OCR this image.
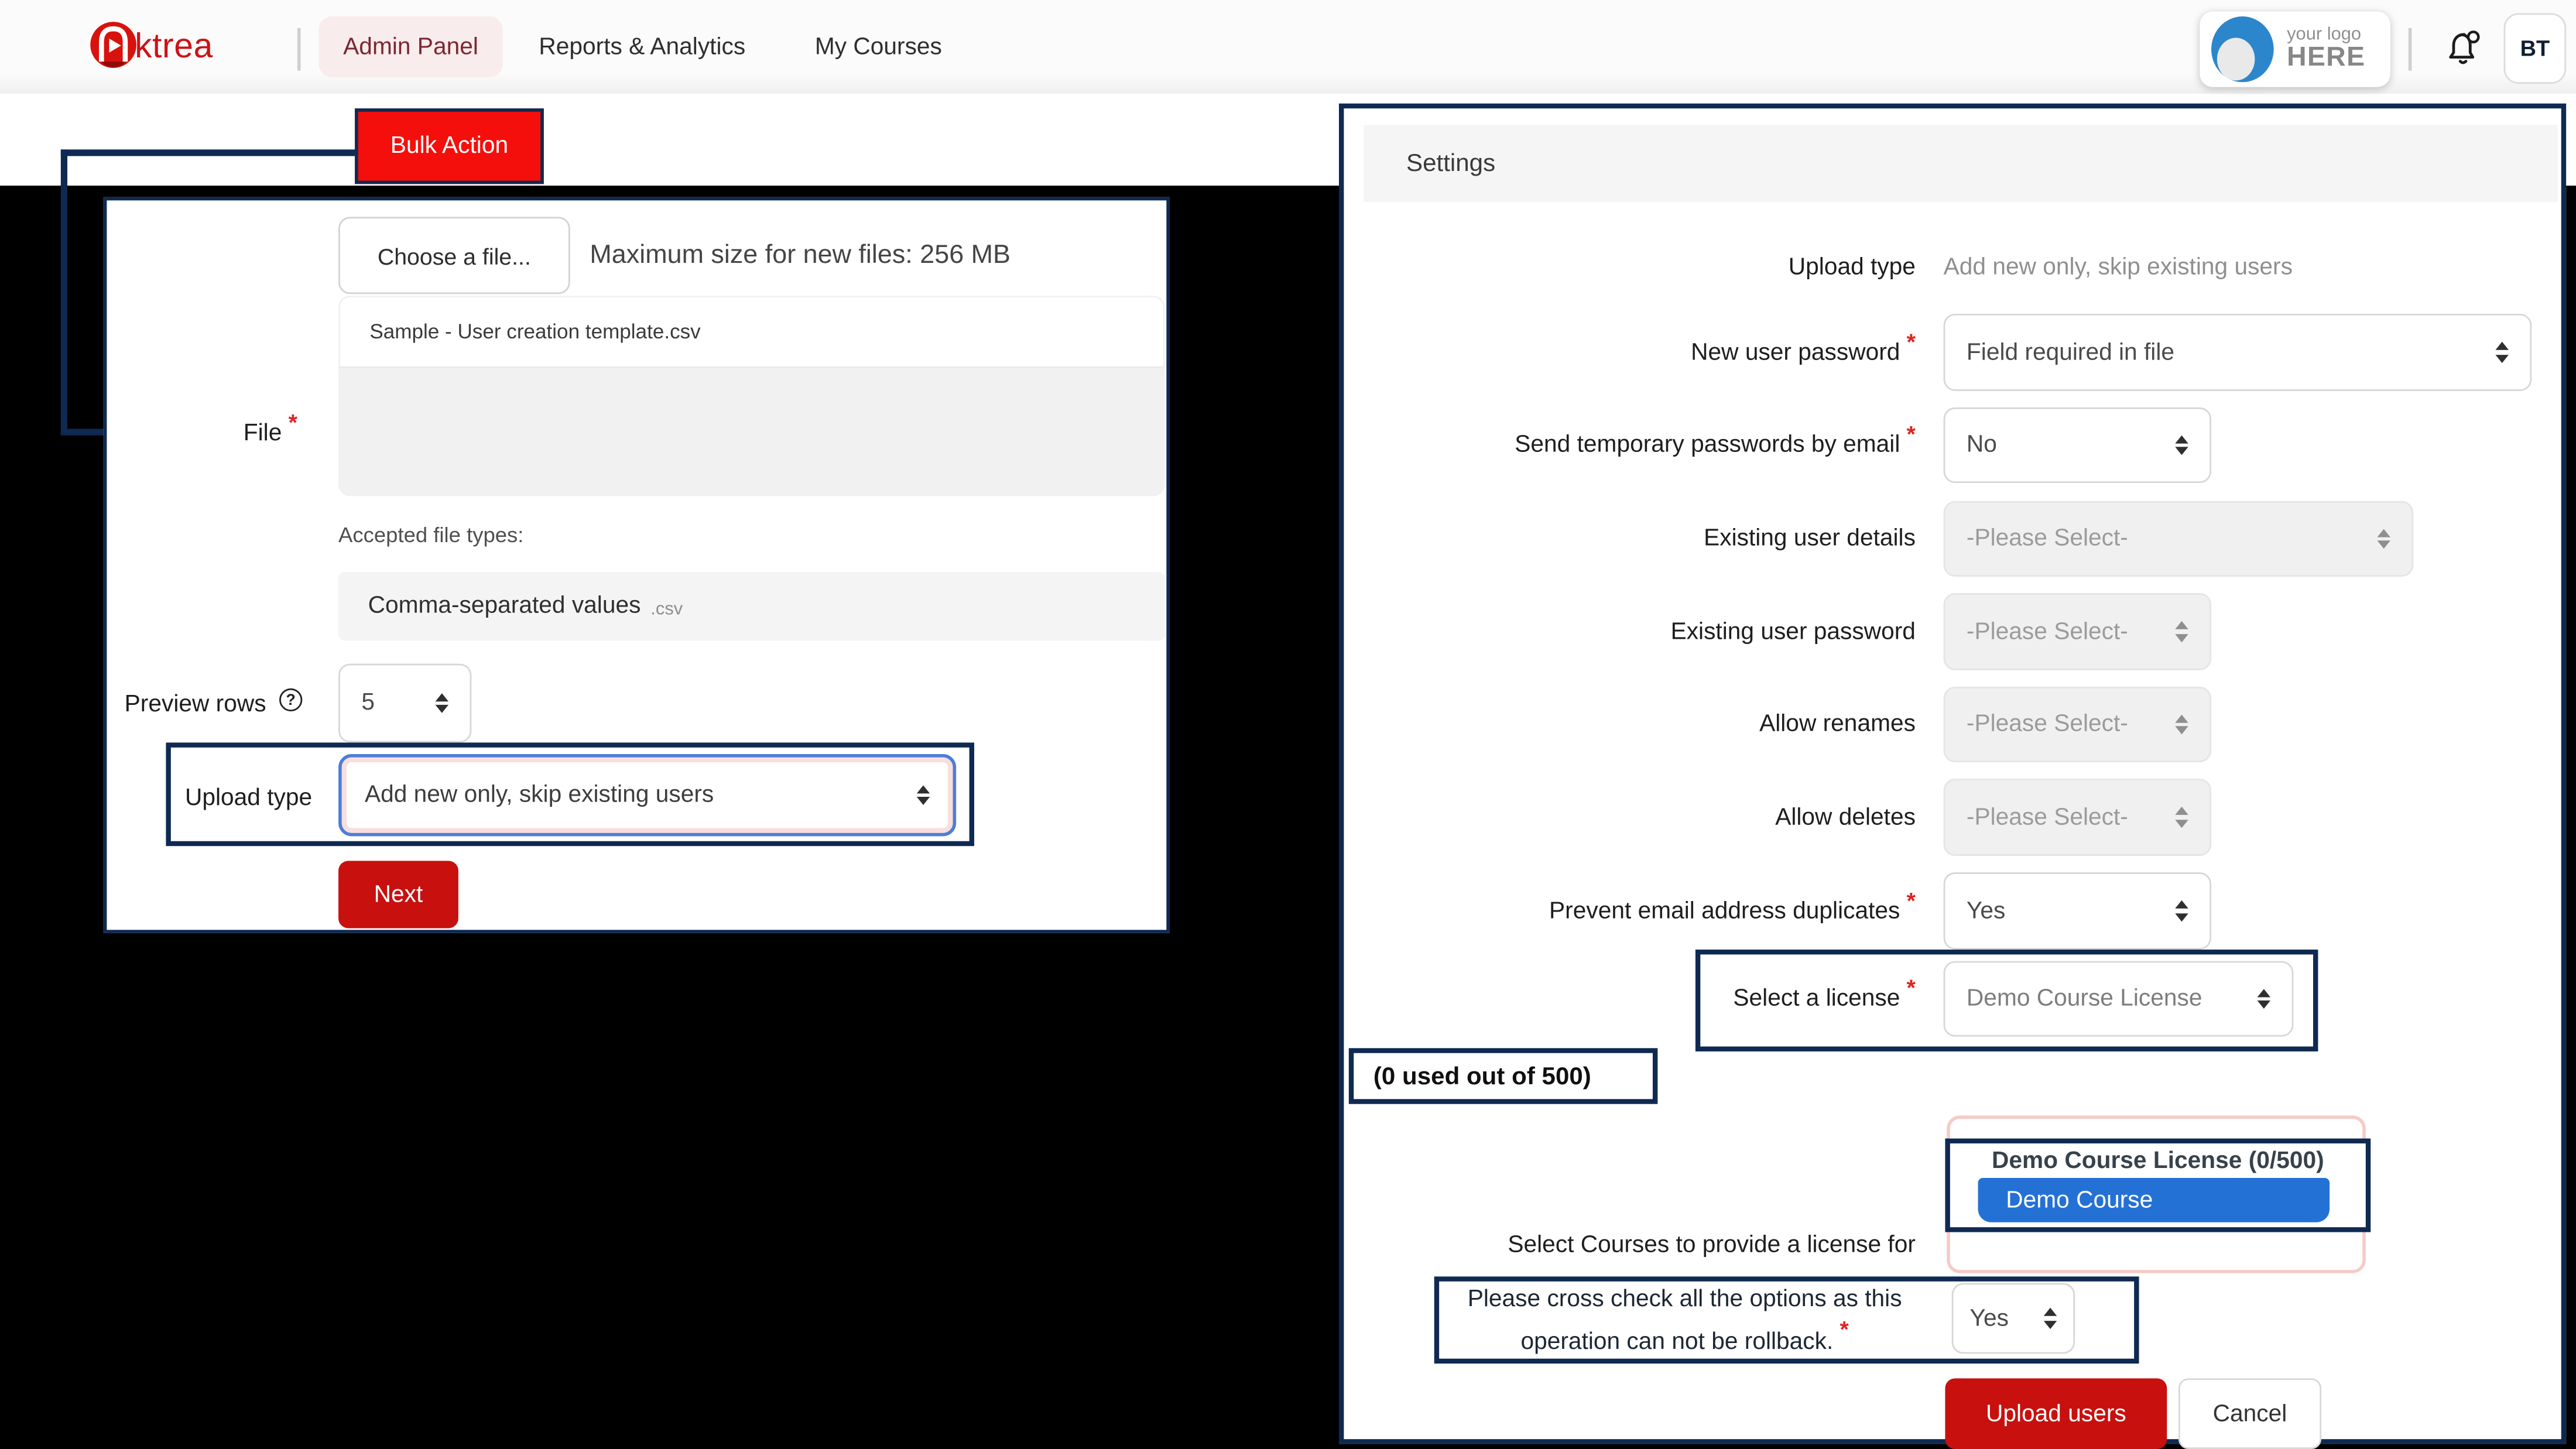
ktrea	Admin Panel	Reports & Analytics	My Courses	your logo
HERE	BT
Bulk Action
Choose a file...	Maximum size for new files: 256 MB
Sample - User creation template.csv
File *
Accepted file types:
Comma-separated values .csv
Preview rows	?	5
Upload type	Add new only, skip existing users
Next
Settings
Upload type	Add new only, skip existing users
New user password *	Field required in file
Send temporary passwords by email *	No
Existing user details	-Please Select-
Existing user password	-Please Select-
Allow renames	-Please Select-
Allow deletes	-Please Select-
Prevent email address duplicates *	Yes
Select a license *	Demo Course License
(0 used out of 500)
Demo Course License (0/500)
Demo Course
Select Courses to provide a license for
Please cross check all the options as this
operation can not be rollback. *	Yes
Upload users	Cancel
